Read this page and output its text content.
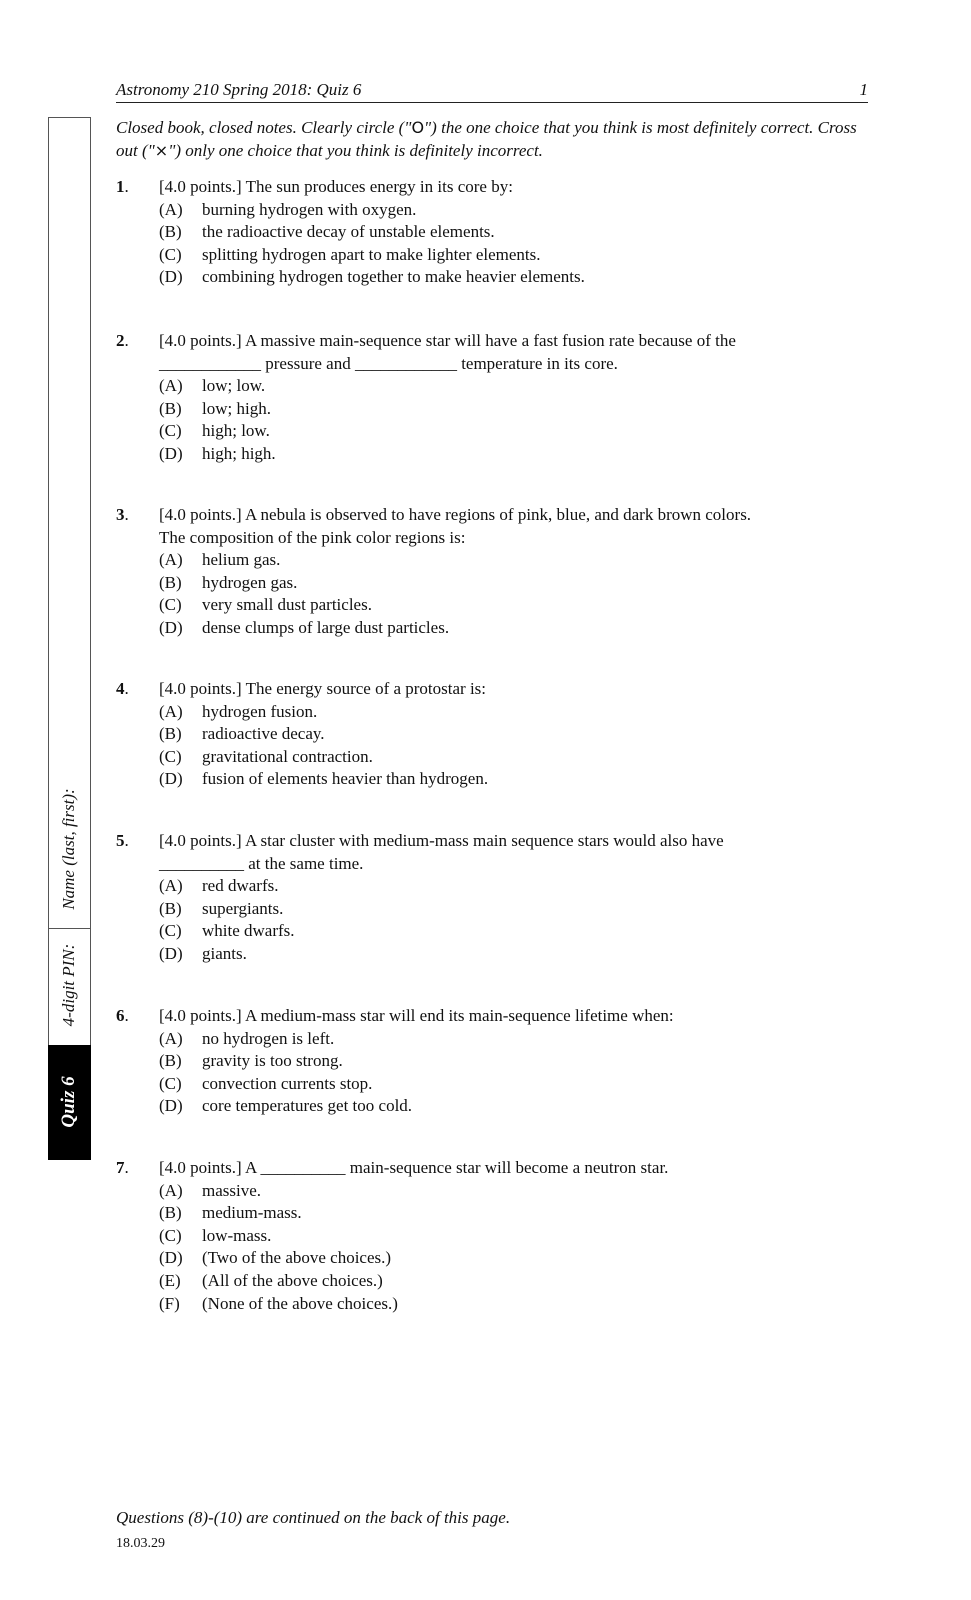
Astronomy 210 Spring 2018: Quiz 6	1

Closed book, closed notes. Clearly circle ("O") the one choice that you think is most definitely correct. Cross out ("×") only one choice that you think is definitely incorrect.

Name (last, first):
4-digit PIN:
Quiz 6
1. [4.0 points.] The sun produces energy in its core by:
(A) burning hydrogen with oxygen.
(B) the radioactive decay of unstable elements.
(C) splitting hydrogen apart to make lighter elements.
(D) combining hydrogen together to make heavier elements.
2. [4.0 points.] A massive main-sequence star will have a fast fusion rate because of the
____________ pressure and ____________ temperature in its core.
(A) low; low.
(B) low; high.
(C) high; low.
(D) high; high.
3. [4.0 points.] A nebula is observed to have regions of pink, blue, and dark brown colors.
The composition of the pink color regions is:
(A) helium gas.
(B) hydrogen gas.
(C) very small dust particles.
(D) dense clumps of large dust particles.
4. [4.0 points.] The energy source of a protostar is:
(A) hydrogen fusion.
(B) radioactive decay.
(C) gravitational contraction.
(D) fusion of elements heavier than hydrogen.
5. [4.0 points.] A star cluster with medium-mass main sequence stars would also have
__________ at the same time.
(A) red dwarfs.
(B) supergiants.
(C) white dwarfs.
(D) giants.
6. [4.0 points.] A medium-mass star will end its main-sequence lifetime when:
(A) no hydrogen is left.
(B) gravity is too strong.
(C) convection currents stop.
(D) core temperatures get too cold.
7. [4.0 points.] A __________ main-sequence star will become a neutron star.
(A) massive.
(B) medium-mass.
(C) low-mass.
(D) (Two of the above choices.)
(E) (All of the above choices.)
(F) (None of the above choices.)
Questions (8)-(10) are continued on the back of this page.
18.03.29
